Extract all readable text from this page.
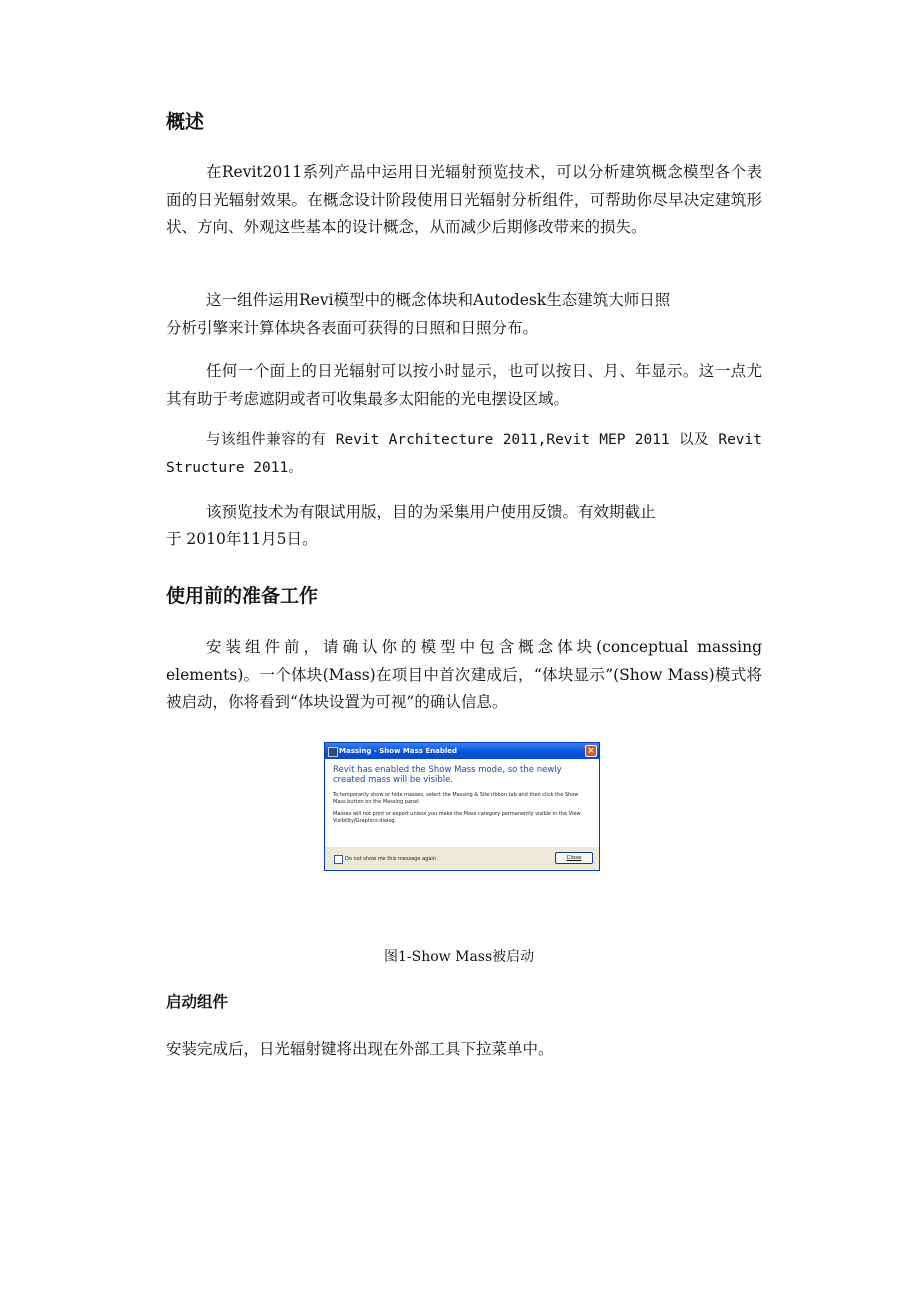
概述

在Revit2011系列产品中运用日光辐射预览技术，可以分析建筑概念模型各个表面的日光辐射效果。在概念设计阶段使用日光辐射分析组件，可帮助你尽早决定建筑形状、方向、外观这些基本的设计概念，从而减少后期修改带来的损失。

这一组件运用Revi模型中的概念体块和Autodesk生态建筑大师日照

分析引擎来计算体块各表面可获得的日照和日照分布。

任何一个面上的日光辐射可以按小时显示，也可以按日、月、年显示。这一点尤其有助于考虑遮阴或者可收集最多太阳能的光电摆设区域。

与该组件兼容的有 Revit Architecture 2011,Revit MEP 2011 以及 Revit Structure 2011。

该预览技术为有限试用版，目的为采集用户使用反馈。有效期截止

于 2010年11月5日。

使用前的准备工作

安装组件前，请确认你的模型中包含概念体块(conceptual massing elements)。一个体块(Mass)在项目中首次建成后，“体块显示”(Show Mass)模式将被启动，你将看到“体块设置为可视”的确认信息。

启动组件

安装完成后，日光辐射键将出现在外部工具下拉菜单中。

Massing - Show Mass Enabled	×
Revit has enabled the Show Mass mode, so the newly created mass will be visible.
To temporarily show or hide masses, select the Massing & Site ribbon tab and then click the Show Mass button on the Massing panel.
Masses will not print or export unless you make the Mass category permanently visible in the View Visibility/Graphics dialog.
Do not show me this message again	Close
图1-Show Mass被启动
